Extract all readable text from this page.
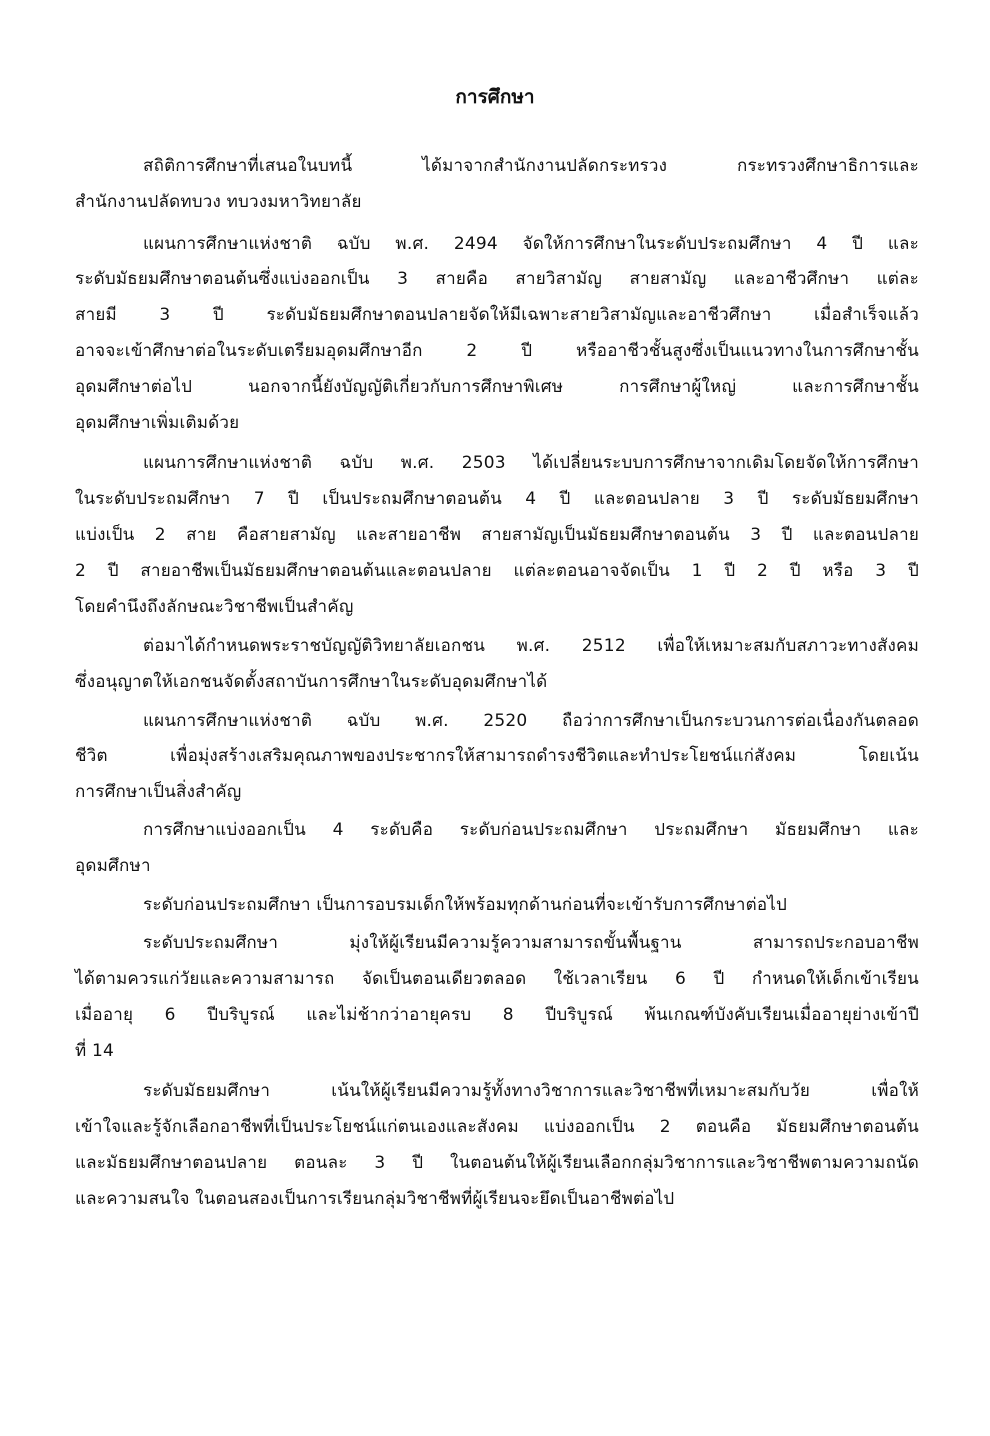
การศึกษา
สถิติการศึกษาที่เสนอในบทนี้ ได้มาจากสำนักงานปลัดกระทรวง กระทรวงศึกษาธิการและ
สำนักงานปลัดทบวง ทบวงมหาวิทยาลัย
แผนการศึกษาแห่งชาติ ฉบับ พ.ศ. 2494 จัดให้การศึกษาในระดับประถมศึกษา 4 ปี และ
ระดับมัธยมศึกษาตอนต้นซึ่งแบ่งออกเป็น 3 สายคือ สายวิสามัญ สายสามัญ และอาชีวศึกษา แต่ละ
สายมี 3 ปี ระดับมัธยมศึกษาตอนปลายจัดให้มีเฉพาะสายวิสามัญและอาชีวศึกษา เมื่อสำเร็จแล้ว
อาจจะเข้าศึกษาต่อในระดับเตรียมอุดมศึกษาอีก 2 ปี หรืออาชีวชั้นสูงซึ่งเป็นแนวทางในการศึกษาชั้น
อุดมศึกษาต่อไป นอกจากนี้ยังบัญญัติเกี่ยวกับการศึกษาพิเศษ การศึกษาผู้ใหญ่ และการศึกษาชั้น
อุดมศึกษาเพิ่มเติมด้วย
แผนการศึกษาแห่งชาติ ฉบับ พ.ศ. 2503 ได้เปลี่ยนระบบการศึกษาจากเดิมโดยจัดให้การศึกษา
ในระดับประถมศึกษา 7 ปี เป็นประถมศึกษาตอนต้น 4 ปี และตอนปลาย 3 ปี ระดับมัธยมศึกษา
แบ่งเป็น 2 สาย คือสายสามัญ และสายอาชีพ สายสามัญเป็นมัธยมศึกษาตอนต้น 3 ปี และตอนปลาย
2 ปี สายอาชีพเป็นมัธยมศึกษาตอนต้นและตอนปลาย แต่ละตอนอาจจัดเป็น 1 ปี 2 ปี หรือ 3 ปี
โดยคำนึงถึงลักษณะวิชาชีพเป็นสำคัญ
ต่อมาได้กำหนดพระราชบัญญัติวิทยาลัยเอกชน พ.ศ. 2512 เพื่อให้เหมาะสมกับสภาวะทางสังคม
ซึ่งอนุญาตให้เอกชนจัดตั้งสถาบันการศึกษาในระดับอุดมศึกษาได้
แผนการศึกษาแห่งชาติ ฉบับ พ.ศ. 2520 ถือว่าการศึกษาเป็นกระบวนการต่อเนื่องกันตลอด
ชีวิต เพื่อมุ่งสร้างเสริมคุณภาพของประชากรให้สามารถดำรงชีวิตและทำประโยชน์แก่สังคม โดยเน้น
การศึกษาเป็นสิ่งสำคัญ
การศึกษาแบ่งออกเป็น 4 ระดับคือ ระดับก่อนประถมศึกษา ประถมศึกษา มัธยมศึกษา และ
อุดมศึกษา
ระดับก่อนประถมศึกษา เป็นการอบรมเด็กให้พร้อมทุกด้านก่อนที่จะเข้ารับการศึกษาต่อไป
ระดับประถมศึกษา มุ่งให้ผู้เรียนมีความรู้ความสามารถขั้นพื้นฐาน สามารถประกอบอาชีพ
ได้ตามควรแก่วัยและความสามารถ จัดเป็นตอนเดียวตลอด ใช้เวลาเรียน 6 ปี กำหนดให้เด็กเข้าเรียน
เมื่ออายุ 6 ปีบริบูรณ์ และไม่ช้ากว่าอายุครบ 8 ปีบริบูรณ์ พ้นเกณฑ์บังคับเรียนเมื่ออายุย่างเข้าปี
ที่ 14
ระดับมัธยมศึกษา เน้นให้ผู้เรียนมีความรู้ทั้งทางวิชาการและวิชาชีพที่เหมาะสมกับวัย เพื่อให้
เข้าใจและรู้จักเลือกอาชีพที่เป็นประโยชน์แก่ตนเองและสังคม แบ่งออกเป็น 2 ตอนคือ มัธยมศึกษาตอนต้น
และมัธยมศึกษาตอนปลาย ตอนละ 3 ปี ในตอนต้นให้ผู้เรียนเลือกกลุ่มวิชาการและวิชาชีพตามความถนัด
และความสนใจ ในตอนสองเป็นการเรียนกลุ่มวิชาชีพที่ผู้เรียนจะยึดเป็นอาชีพต่อไป
